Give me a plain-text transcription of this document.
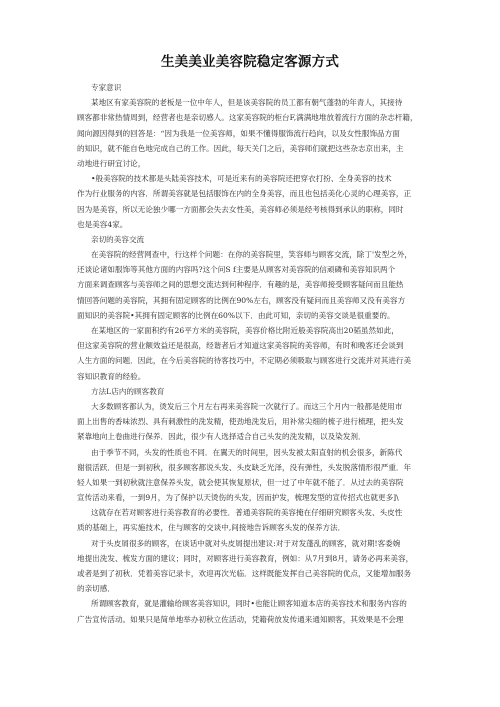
生美美业美容院稳定客源方式
专家意识
某地区有家美容院的老板是一位中年人，但是该美容院的员工都有朝气蓬勃的年青人，其接待
顾客都非常热情周到，经营者也是亲切感人。这家美容院的柜台F,满满地堆放着流行方面的杂志杆籍，
闻向源因得到的回答是：“因为我是一位美容师，如果不懂得服饰流行趋向，以及女性服饰品方面
的知识，就不能自色地完成自己的工作。因此，每天关门之后，美容师们就把这些杂志京出来，主
动地进行研宜讨论，
•般美容院的技术都是头陆美容技术，可是近来有的美容院还把穿衣打扮、全身美容的技术
作为行业服务的内容．所谓美容就是包括服饰在内的全身美容，而且也包括美化心灵的心理美容，正
因为是美容，所以无论独少哪一方面都会失去女性美，美容师必须是经考核得到承认的职称，同时
也是美容4家。
亲切的美容交流
在美容院的经营网查中，行这样个问题：在你的美容院里，笑容师与顾客交流，除丁'发型之外，
还谈论诸如服饰等其他方面的内容吗?这个问S f主要是从顾客对美容院的信顽磷和美容知识两个
方面来调查顾客与美容师之间的思想交流达到何种程序．有趣的是，美容师接受顾客疑问而且能热
情回答问题的美容院，其拥有固定顾客的比例在90%左右，顾客没有疑问而且美容师又没有美容方
面知识的美容院•其拥有固定顾客的比例在60%以下．由此可知，亲切的美容交谈是很重要的。
在某地区的一家面积约有26平方米的美容院，美容价格比附近般美容院高出20韬虽然如此，
但这家美容院的营业额效益还是很高，经谐者后才知道这家美容院的美容师，有时和晚客还会谈到
人生方面的问题．因此，在今后美容院的待客技巧中，不定期必须吸取与顾客进行交流并对其进行美
容知识教育的经验。
方法L店内的顾客教育
大多数顾客都认为，烫发后三个月左右再来美容院一次就行了。而这三个月内一般都是使用市
面上出售的香味浓烈、具有刺激性的洗发精，使劲地洗发后，用补常尖细的梳子进行梳理，把头发
紧靠地向上卷曲进行保养．因此，很少有人选择适合自己头发的洗发精，以及染发剂．
由于季节不同，头发的性质也不同．在翼天的时间里，因头发被太阳直射的机会很多，新陈代
谢很活跃．但是一到初秋，很多顾客都说头发、头皮缺乏光泽，没有弹性，头发脱落情形很严重．年
轻人如果一到初秋就注意保养头发，就会使其恢复原状，但一过了中年就不能了．从过去的美容院
宣传活动来看，一到9月，为了保护以天烫伤的头发，因而护发，梳理发型的宣传招式也就更多]\
这就存在若对顾客进行美容教育的必要性．普通美容院的美容掩在仔细研究顾客头发、头皮性
质的基础上，再实施技术，住与顾客的交谈中,间接地告诉顾客头发的保养方法．
对于头皮屑很多的顾客，在谈话中就对头皮屑提出建议:对于对发蓬乱的顾客，就对期!客委婉
地提出洗发、梳发方面的建议；同时，对顾客进行美容教育，例如：从7月到8月，请务必再来美容，
或者是到了初秋．凭着美容记录卡，欢迎再次光临．这样既能发挥自己美容院的优点，又能增加服务
的亲切感．
所谓顾客教育，就是灌输给顾客美容知识，同时•也能让顾客知道本店的美容技术和服务内容的
广告宣传活动。如果只是简单地举办初秋立佐活动，凭籍荷放发传通来通知顾客，其效果是不会理
